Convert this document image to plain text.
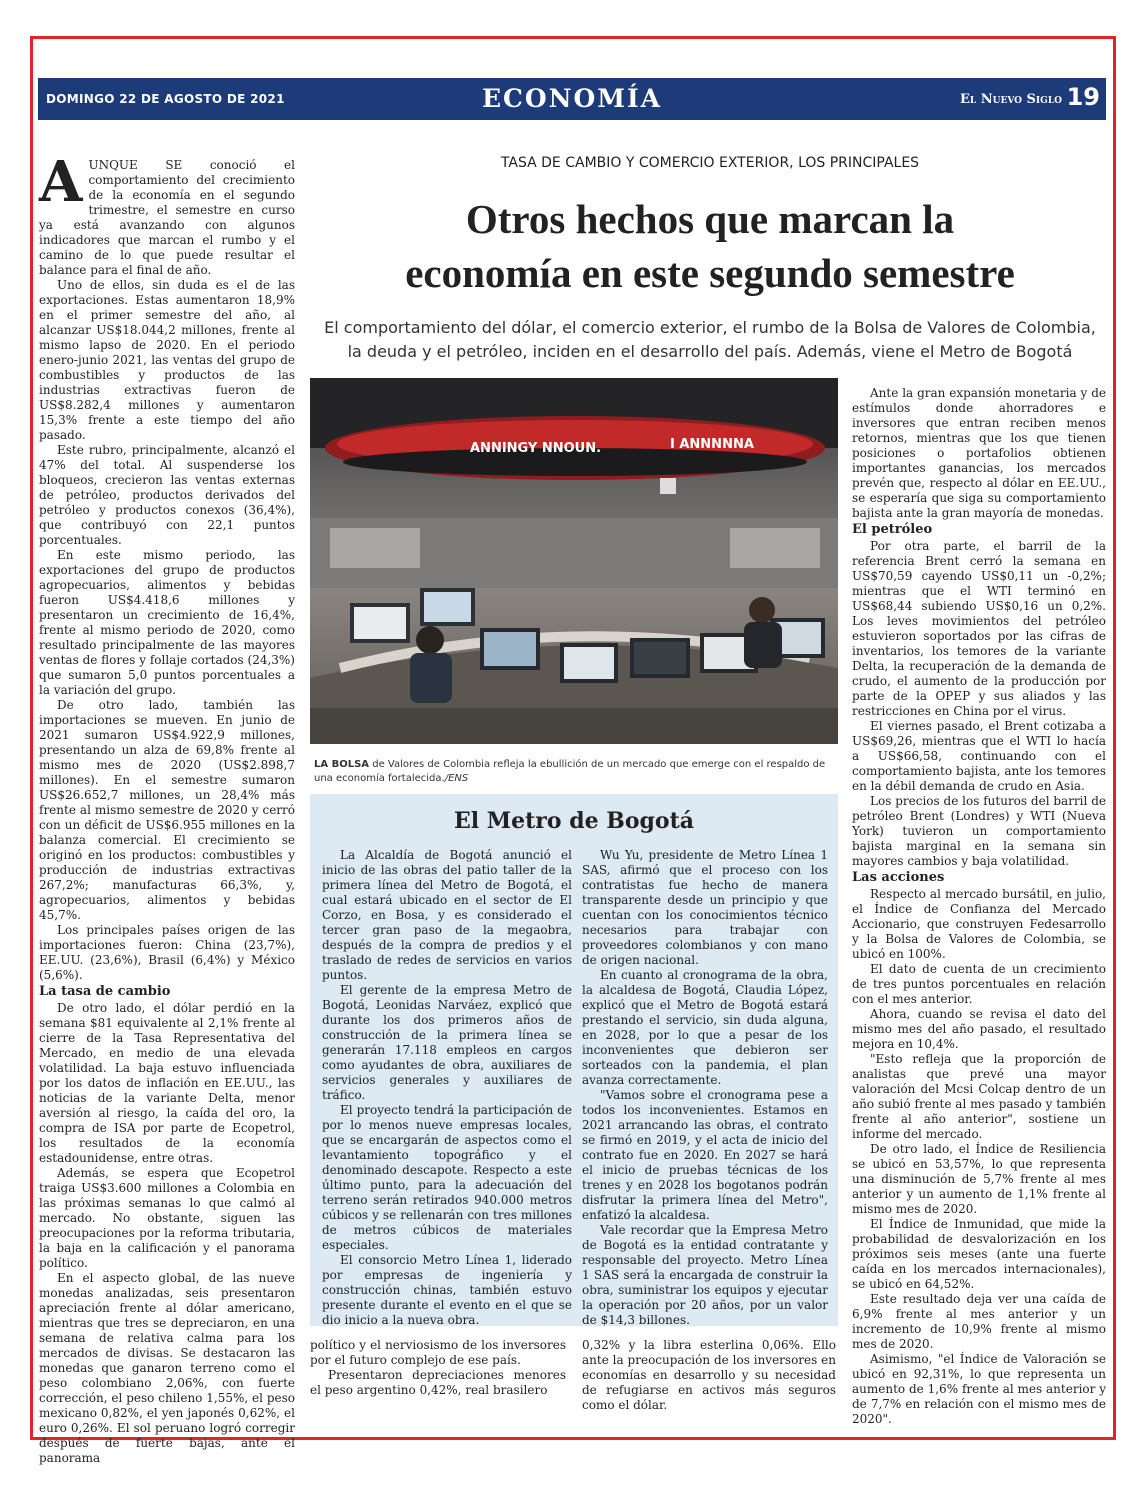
DOMINGO 22 DE AGOSTO DE 2021	ECONOMÍA	El Nuevo Siglo 19
TASA DE CAMBIO Y COMERCIO EXTERIOR, LOS PRINCIPALES
Otros hechos que marcan la
economía en este segundo semestre
El comportamiento del dólar, el comercio exterior, el rumbo de la Bolsa de Valores de Colombia,
la deuda y el petróleo, inciden en el desarrollo del país. Además, viene el Metro de Bogotá

AUNQUE SE conoció el comportamiento del crecimiento de la economía en el segundo trimestre, el semestre en curso ya está avanzando con algunos indicadores que marcan el rumbo y el camino de lo que puede resultar el balance para el final de año.

Uno de ellos, sin duda es el de las exportaciones. Estas aumentaron 18,9% en el primer semestre del año, al alcanzar US$18.044,2 millones, frente al mismo lapso de 2020. En el periodo enero-junio 2021, las ventas del grupo de combustibles y productos de las industrias extractivas fueron de US$8.282,4 millones y aumentaron 15,3% frente a este tiempo del año pasado.

Este rubro, principalmente, alcanzó el 47% del total. Al suspenderse los bloqueos, crecieron las ventas externas de petróleo, productos derivados del petróleo y productos conexos (36,4%), que contribuyó con 22,1 puntos porcentuales.

En este mismo periodo, las exportaciones del grupo de productos agropecuarios, alimentos y bebidas fueron US$4.418,6 millones y presentaron un crecimiento de 16,4%, frente al mismo periodo de 2020, como resultado principalmente de las mayores ventas de flores y follaje cortados (24,3%) que sumaron 5,0 puntos porcentuales a la variación del grupo.

De otro lado, también las importaciones se mueven. En junio de 2021 sumaron US$4.922,9 millones, presentando un alza de 69,8% frente al mismo mes de 2020 (US$2.898,7 millones). En el semestre sumaron US$26.652,7 millones, un 28,4% más frente al mismo semestre de 2020 y cerró con un déficit de US$6.955 millones en la balanza comercial. El crecimiento se originó en los productos: combustibles y producción de industrias extractivas 267,2%; manufacturas 66,3%, y, agropecuarios, alimentos y bebidas 45,7%.

Los principales países origen de las importaciones fueron: China (23,7%), EE.UU. (23,6%), Brasil (6,4%) y México (5,6%).

La tasa de cambio

De otro lado, el dólar perdió en la semana $81 equivalente al 2,1% frente al cierre de la Tasa Representativa del Mercado, en medio de una elevada volatilidad. La baja estuvo influenciada por los datos de inflación en EE.UU., las noticias de la variante Delta, menor aversión al riesgo, la caída del oro, la compra de ISA por parte de Ecopetrol, los resultados de la economía estadounidense, entre otras.

Además, se espera que Ecopetrol traiga US$3.600 millones a Colombia en las próximas semanas lo que calmó al mercado. No obstante, siguen las preocupaciones por la reforma tributaria, la baja en la calificación y el panorama político.

En el aspecto global, de las nueve monedas analizadas, seis presentaron apreciación frente al dólar americano, mientras que tres se depreciaron, en una semana de relativa calma para los mercados de divisas. Se destacaron las monedas que ganaron terreno como el peso colombiano 2,06%, con fuerte corrección, el peso chileno 1,55%, el peso mexicano 0,82%, el yen japonés 0,62%, el euro 0,26%. El sol peruano logró corregir después de fuerte bajas, ante el panorama

ANNINGY NNOUN.	I ANNNNNA
LA BOLSA de Valores de Colombia refleja la ebullición de un mercado que emerge con el respaldo de una economía fortalecida./ENS
El Metro de Bogotá

La Alcaldía de Bogotá anunció el inicio de las obras del patio taller de la primera línea del Metro de Bogotá, el cual estará ubicado en el sector de El Corzo, en Bosa, y es considerado el tercer gran paso de la megaobra, después de la compra de predios y el traslado de redes de servicios en varios puntos.

El gerente de la empresa Metro de Bogotá, Leonidas Narváez, explicó que durante los dos primeros años de construcción de la primera línea se generarán 17.118 empleos en cargos como ayudantes de obra, auxiliares de servicios generales y auxiliares de tráfico.

El proyecto tendrá la participación de por lo menos nueve empresas locales, que se encargarán de aspectos como el levantamiento topográfico y el denominado descapote. Respecto a este último punto, para la adecuación del terreno serán retirados 940.000 metros cúbicos y se rellenarán con tres millones de metros cúbicos de materiales especiales.

El consorcio Metro Línea 1, liderado por empresas de ingeniería y construcción chinas, también estuvo presente durante el evento en el que se dio inicio a la nueva obra.

Wu Yu, presidente de Metro Línea 1 SAS, afirmó que el proceso con los contratistas fue hecho de manera transparente desde un principio y que cuentan con los conocimientos técnico necesarios para trabajar con proveedores colombianos y con mano de origen nacional.

En cuanto al cronograma de la obra, la alcaldesa de Bogotá, Claudia López, explicó que el Metro de Bogotá estará prestando el servicio, sin duda alguna, en 2028, por lo que a pesar de los inconvenientes que debieron ser sorteados con la pandemia, el plan avanza correctamente.

"Vamos sobre el cronograma pese a todos los inconvenientes. Estamos en 2021 arrancando las obras, el contrato se firmó en 2019, y el acta de inicio del contrato fue en 2020. En 2027 se hará el inicio de pruebas técnicas de los trenes y en 2028 los bogotanos podrán disfrutar la primera línea del Metro", enfatizó la alcaldesa.

Vale recordar que la Empresa Metro de Bogotá es la entidad contratante y responsable del proyecto. Metro Línea 1 SAS será la encargada de construir la obra, suministrar los equipos y ejecutar la operación por 20 años, por un valor de $14,3 billones.

político y el nerviosismo de los inversores por el futuro complejo de ese país.

Presentaron depreciaciones menores el peso argentino 0,42%, real brasilero

0,32% y la libra esterlina 0,06%. Ello ante la preocupación de los inversores en economías en desarrollo y su necesidad de refugiarse en activos más seguros como el dólar.

Ante la gran expansión monetaria y de estímulos donde ahorradores e inversores que entran reciben menos retornos, mientras que los que tienen posiciones o portafolios obtienen importantes ganancias, los mercados prevén que, respecto al dólar en EE.UU., se esperaría que siga su comportamiento bajista ante la gran mayoría de monedas.

El petróleo

Por otra parte, el barril de la referencia Brent cerró la semana en US$70,59 cayendo US$0,11 un -0,2%; mientras que el WTI terminó en US$68,44 subiendo US$0,16 un 0,2%. Los leves movimientos del petróleo estuvieron soportados por las cifras de inventarios, los temores de la variante Delta, la recuperación de la demanda de crudo, el aumento de la producción por parte de la OPEP y sus aliados y las restricciones en China por el virus.

El viernes pasado, el Brent cotizaba a US$69,26, mientras que el WTI lo hacía a US$66,58, continuando con el comportamiento bajista, ante los temores en la débil demanda de crudo en Asia.

Los precios de los futuros del barril de petróleo Brent (Londres) y WTI (Nueva York) tuvieron un comportamiento bajista marginal en la semana sin mayores cambios y baja volatilidad.

Las acciones

Respecto al mercado bursátil, en julio, el Índice de Confianza del Mercado Accionario, que construyen Fedesarrollo y la Bolsa de Valores de Colombia, se ubicó en 100%.

El dato de cuenta de un crecimiento de tres puntos porcentuales en relación con el mes anterior.

Ahora, cuando se revisa el dato del mismo mes del año pasado, el resultado mejora en 10,4%.

"Esto refleja que la proporción de analistas que prevé una mayor valoración del Mcsi Colcap dentro de un año subió frente al mes pasado y también frente al año anterior", sostiene un informe del mercado.

De otro lado, el Índice de Resiliencia se ubicó en 53,57%, lo que representa una disminución de 5,7% frente al mes anterior y un aumento de 1,1% frente al mismo mes de 2020.

El Índice de Inmunidad, que mide la probabilidad de desvalorización en los próximos seis meses (ante una fuerte caída en los mercados internacionales), se ubicó en 64,52%.

Este resultado deja ver una caída de 6,9% frente al mes anterior y un incremento de 10,9% frente al mismo mes de 2020.

Asimismo, "el Índice de Valoración se ubicó en 92,31%, lo que representa un aumento de 1,6% frente al mes anterior y de 7,7% en relación con el mismo mes de 2020".
